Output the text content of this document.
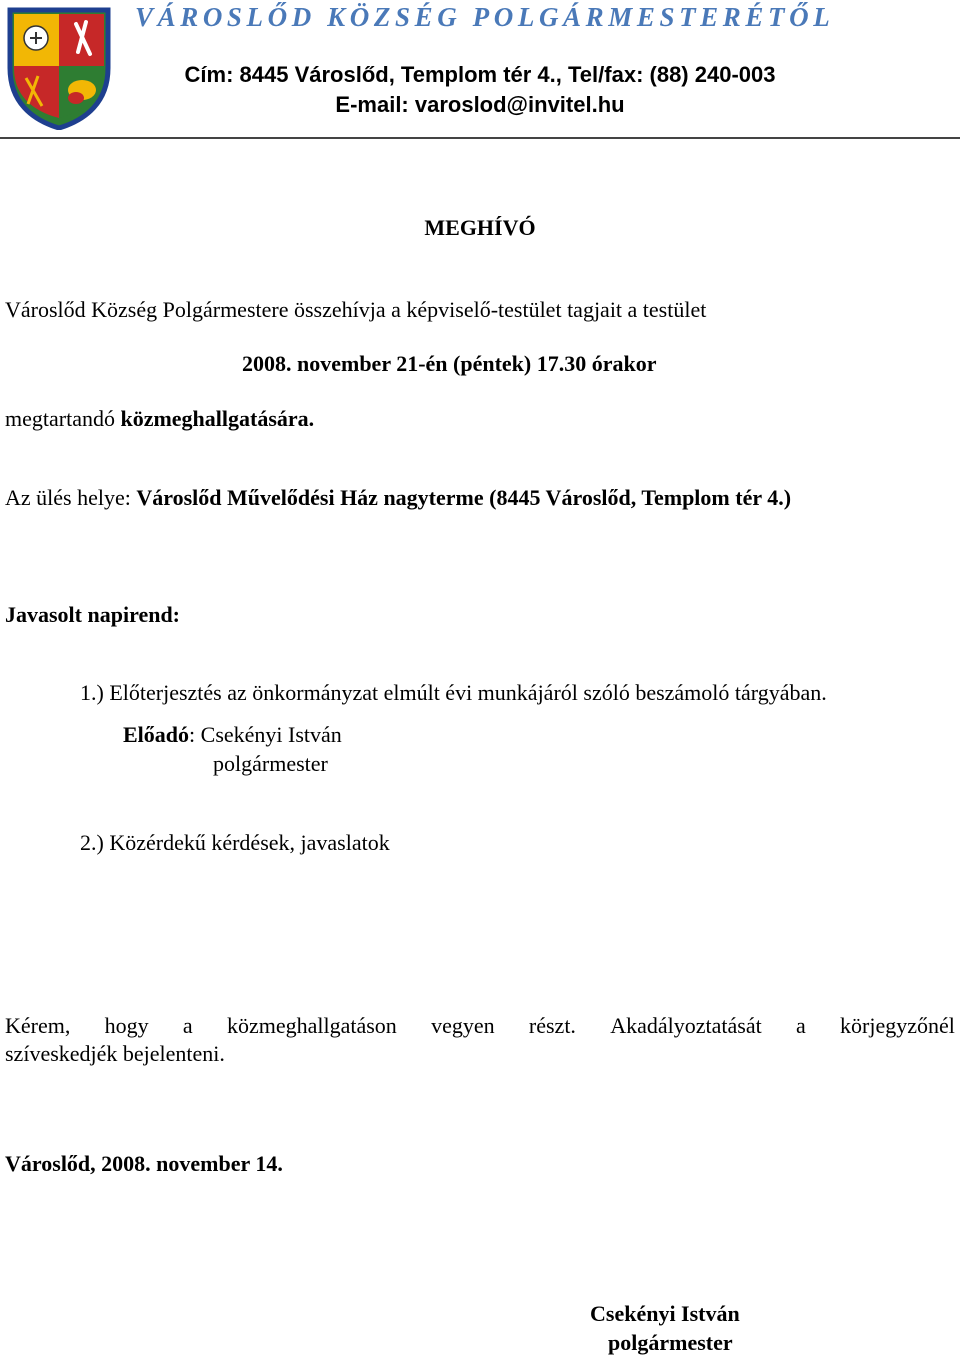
VÁROSLŐD KÖZSÉG POLGÁRMESTERÉTŐL
Cím: 8445 Városlőd, Templom tér 4., Tel/fax: (88) 240-003
E-mail: varoslod@invitel.hu
MEGHÍVÓ
Városlőd Község Polgármestere összehívja a képviselő-testület tagjait a testület
2008. november 21-én (péntek) 17.30 órakor
megtartandó közmeghallgatására.
Az ülés helye: Városlőd Művelődési Ház nagyterme (8445 Városlőd, Templom tér 4.)
Javasolt napirend:
1.) Előterjesztés az önkormányzat elmúlt évi munkájáról szóló beszámoló tárgyában.
Előadó: Csekényi István
polgármester
2.) Közérdekű kérdések, javaslatok
Kérem, hogy a közmeghallgatáson vegyen részt. Akadályoztatását a körjegyzőnél
szíveskedjék bejelenteni.
Városlőd, 2008. november 14.
Csekényi István
polgármester
